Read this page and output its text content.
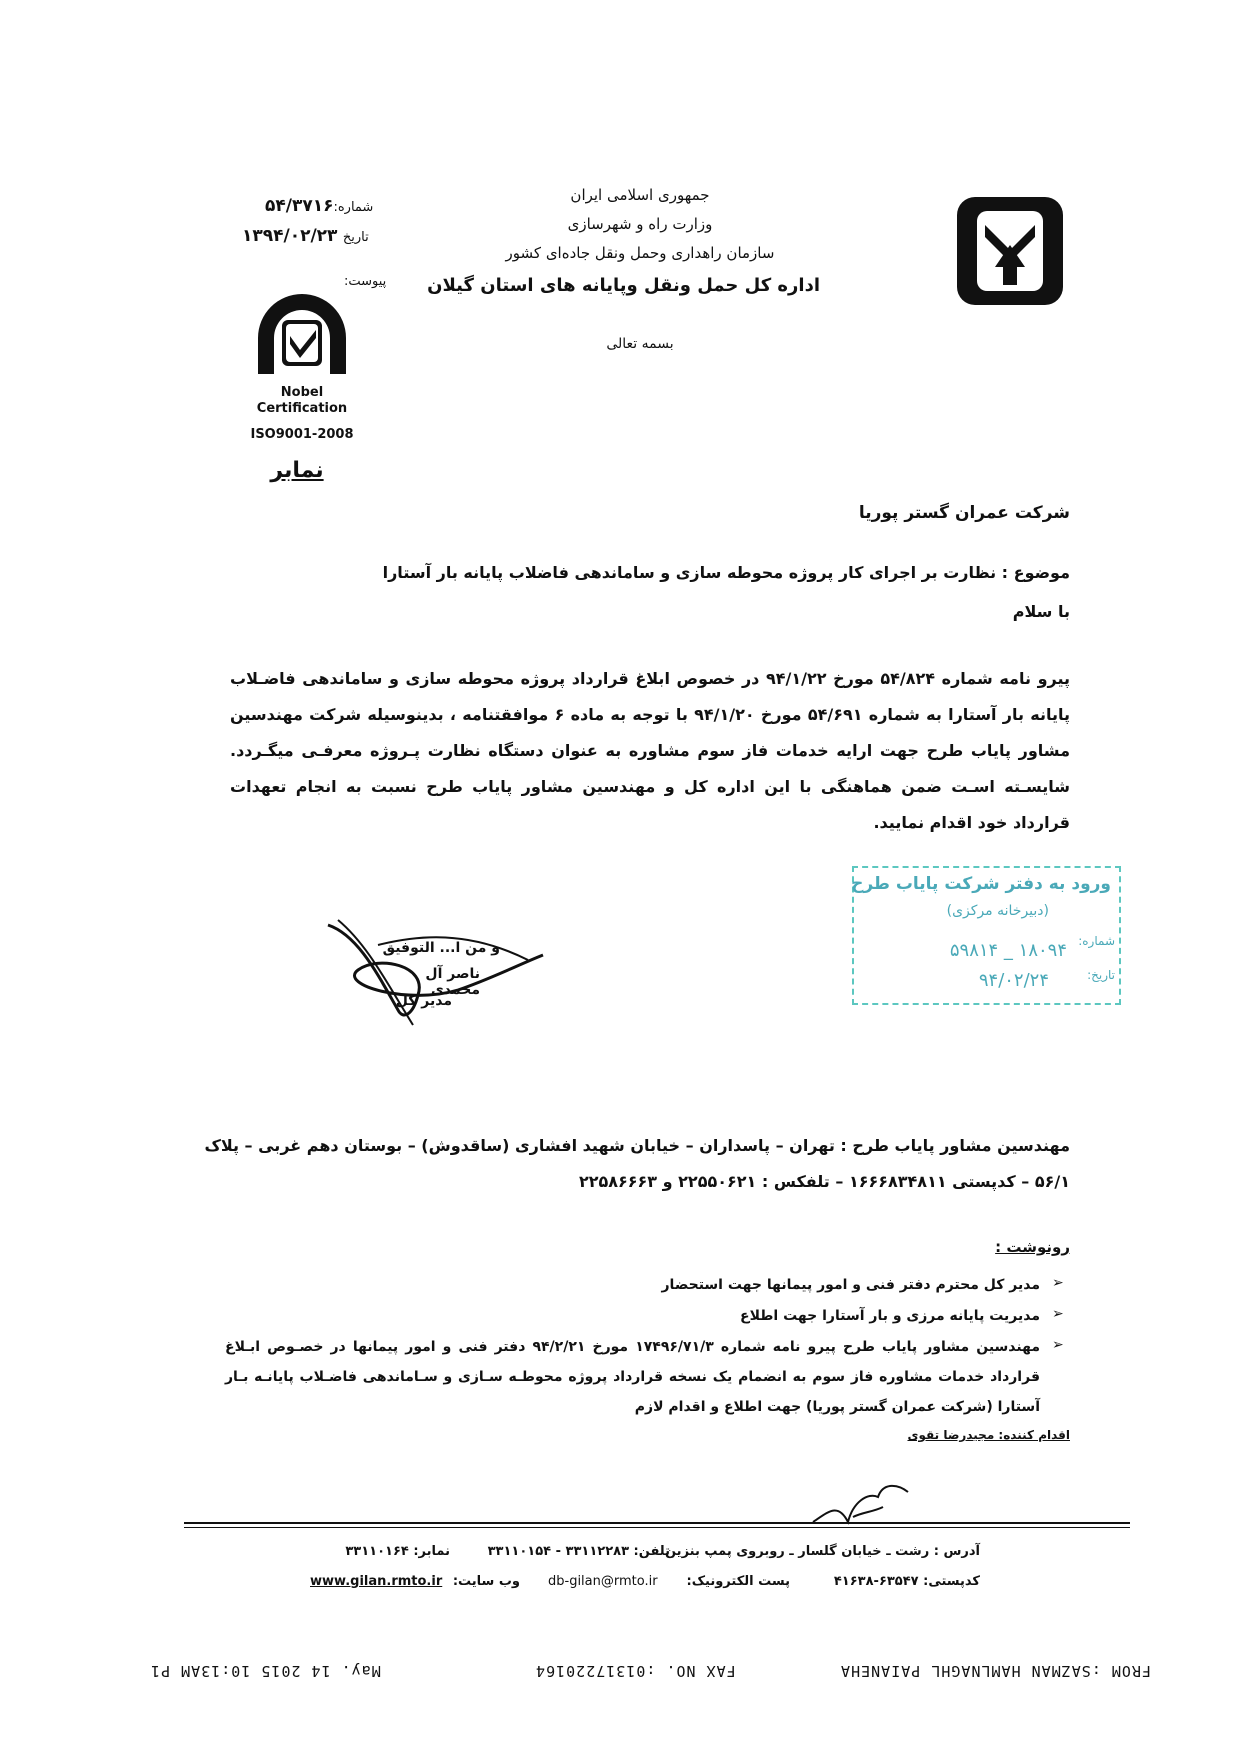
جمهوری اسلامی ایران
وزارت راه و شهرسازی
سازمان راهداری وحمل ونقل جاده‌ای کشور
اداره کل حمل ونقل وپایانه های استان گیلان
بسمه تعالی
شماره:۵۴/۳۷۱۶
تاریخ ۱۳۹۴/۰۲/۲۳
پیوست:
Nobel
Certification
ISO9001-2008
نمابر
شرکت عمران گستر پوریا
موضوع : نظارت بر اجرای کار پروژه محوطه سازی و ساماندهی فاضلاب پایانه بار آستارا
با سلام
پیرو نامه شماره ۵۴/۸۲۴ مورخ ۹۴/۱/۲۲ در خصوص ابلاغ قرارداد پروژه محوطه سازی و ساماندهی فاضـلاب پایانه بار آستارا به شماره ۵۴/۶۹۱ مورخ ۹۴/۱/۲۰ با توجه به ماده ۶ موافقتنامه ، بدینوسیله شرکت مهندسین مشاور پایاب طرح جهت ارایه خدمات فاز سوم مشاوره به عنوان دستگاه نظارت پـروژه معرفـی میگـردد. شایسـته اسـت ضمن هماهنگی با این اداره کل و مهندسین مشاور پایاب طرح نسبت به انجام تعهدات قرارداد خود اقدام نمایید.
و من ا... التوفیق
ناصر آل محمدی
مدیر کل
ورود به دفتر شرکت پایاب طرح
(دبیرخانه مرکزی)
شماره:
۱۸۰۹۴ _ ۵۹۸۱۴
تاریخ:
۹۴/۰۲/۲۴
مهندسین مشاور پایاب طرح : تهران – پاسداران – خیابان شهید افشاری (ساقدوش) – بوستان دهم غربی – پلاک
۵۶/۱ – کدپستی ۱۶۶۶۸۳۴۸۱۱ – تلفکس : ۲۲۵۵۰۶۲۱ و ۲۲۵۸۶۶۶۳
رونوشت :
➢
مدیر کل محترم دفتر فنی و امور پیمانها جهت استحضار
➢
مدیریت پایانه مرزی و بار آستارا جهت اطلاع
➢
مهندسین مشاور پایاب طرح پیرو نامه شماره ۱۷۴۹۶/۷۱/۳ مورخ ۹۴/۲/۲۱ دفتر فنی و امور پیمانها در خصـوص ابـلاغ قرارداد خدمات مشاوره فاز سوم به انضمام یک نسخه قرارداد پروژه محوطـه سـازی و سـاماندهی فاضـلاب پایانـه بـار آستارا (شرکت عمران گستر پوریا) جهت اطلاع و اقدام لازم
اقدام کننده: مجیدرضا تقوی
آدرس : رشت ـ خیابان گلسار ـ روبروی پمپ بنزین
تلفن: ۳۳۱۱۲۲۸۳ - ۳۳۱۱۰۱۵۴
نمابر: ۳۳۱۱۰۱۶۴
کدپستی: ۶۳۵۴۷-۴۱۶۳۸
پست الکترونیک:
db-gilan@rmto.ir
وب سایت:
www.gilan.rmto.ir
May. 14 2015 10:13AM P1	FAX NO. :01317220164	FROM :SAZMAN HAMLNAGHL PAIANEHA
